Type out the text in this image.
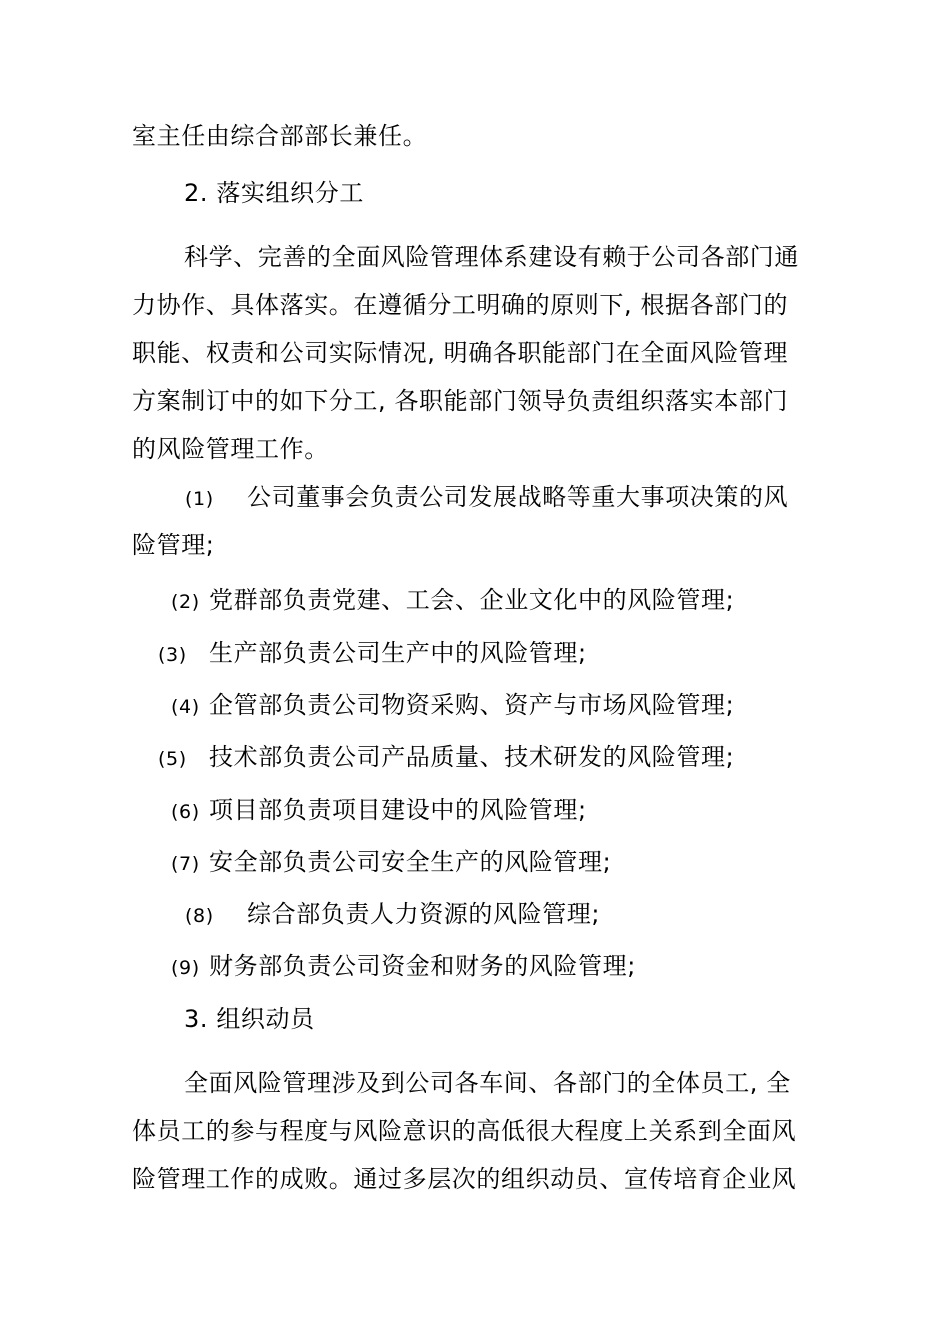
室主任由综合部部长兼任。
2. 落实组织分工
科学、完善的全面风险管理体系建设有赖于公司各部门通
力协作、具体落实。在遵循分工明确的原则下, 根据各部门的
职能、权责和公司实际情况, 明确各职能部门在全面风险管理
方案制订中的如下分工, 各职能部门领导负责组织落实本部门
的风险管理工作。
(1) 公司董事会负责公司发展战略等重大事项决策的风
险管理;
(2) 党群部负责党建、工会、企业文化中的风险管理;
(3) 生产部负责公司生产中的风险管理;
(4) 企管部负责公司物资采购、资产与市场风险管理;
(5) 技术部负责公司产品质量、技术研发的风险管理;
(6) 项目部负责项目建设中的风险管理;
(7) 安全部负责公司安全生产的风险管理;
(8) 综合部负责人力资源的风险管理;
(9) 财务部负责公司资金和财务的风险管理;
3. 组织动员
全面风险管理涉及到公司各车间、各部门的全体员工, 全
体员工的参与程度与风险意识的高低很大程度上关系到全面风
险管理工作的成败。通过多层次的组织动员、宣传培育企业风
